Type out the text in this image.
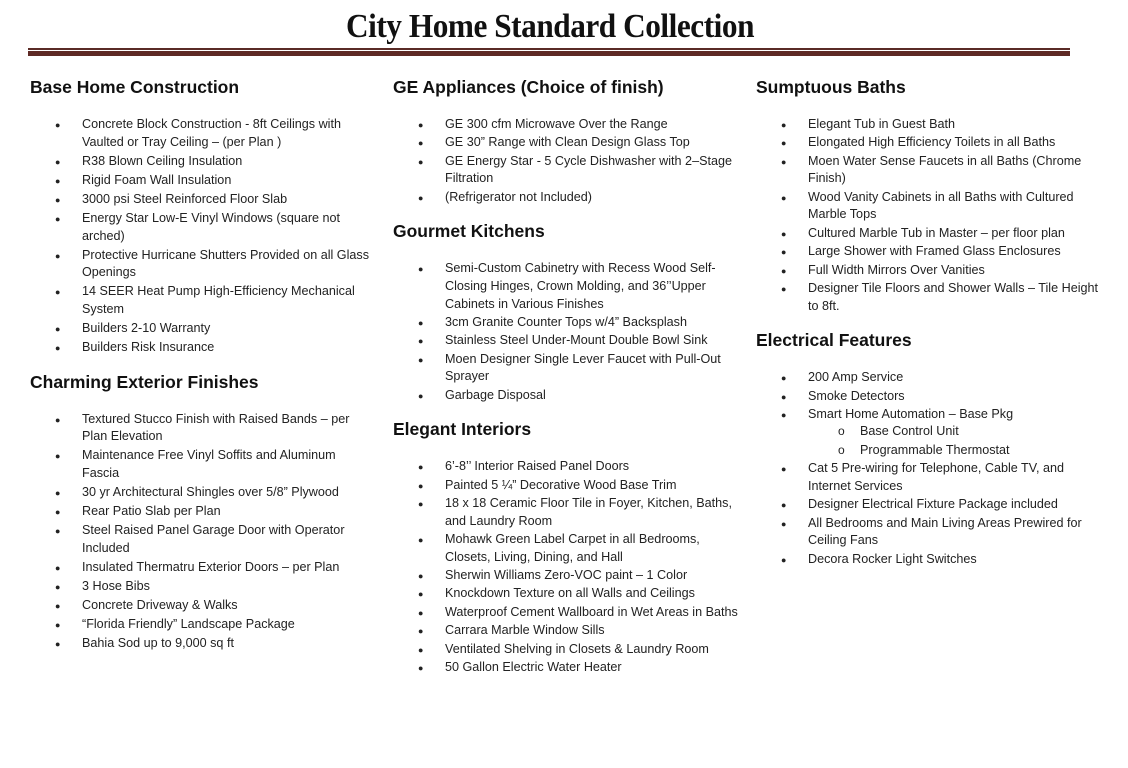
City Home Standard Collection
Base Home Construction
● Concrete Block Construction - 8ft Ceilings with Vaulted or Tray Ceiling – (per Plan )
● R38 Blown Ceiling Insulation
● Rigid Foam Wall Insulation
● 3000 psi Steel Reinforced Floor Slab
● Energy Star Low-E Vinyl Windows (square not arched)
● Protective Hurricane Shutters Provided on all Glass Openings
● 14 SEER Heat Pump High-Efficiency Mechanical System
● Builders 2-10 Warranty
● Builders Risk Insurance
Charming Exterior Finishes
● Textured Stucco Finish with Raised Bands – per Plan Elevation
● Maintenance Free Vinyl Soffits and Aluminum Fascia
● 30 yr Architectural Shingles over 5/8” Plywood
● Rear Patio Slab per Plan
● Steel Raised Panel Garage Door with Operator Included
● Insulated Thermatru Exterior Doors – per Plan
● 3 Hose Bibs
● Concrete Driveway & Walks
● “Florida Friendly” Landscape Package
● Bahia Sod up to 9,000 sq ft
GE Appliances (Choice of finish)
● GE 300 cfm Microwave Over the Range
● GE 30” Range with Clean Design Glass Top
● GE Energy Star - 5 Cycle Dishwasher with 2–Stage Filtration
● (Refrigerator not Included)
Gourmet Kitchens
● Semi-Custom Cabinetry with Recess Wood Self-Closing Hinges, Crown Molding, and 36’’Upper Cabinets in Various Finishes
● 3cm Granite Counter Tops w/4” Backsplash
● Stainless Steel Under-Mount Double Bowl Sink
● Moen Designer Single Lever Faucet with Pull-Out Sprayer
● Garbage Disposal
Elegant Interiors
● 6’-8’’ Interior Raised Panel Doors
● Painted 5 ¼” Decorative Wood Base Trim
● 18 x 18 Ceramic Floor Tile in Foyer, Kitchen, Baths, and Laundry Room
● Mohawk Green Label Carpet in all Bedrooms, Closets, Living, Dining, and Hall
● Sherwin Williams Zero-VOC paint – 1 Color
● Knockdown Texture on all Walls and Ceilings
● Waterproof Cement Wallboard in Wet Areas in Baths
● Carrara Marble Window Sills
● Ventilated Shelving in Closets & Laundry Room
● 50 Gallon Electric Water Heater
Sumptuous Baths
● Elegant Tub in Guest Bath
● Elongated High Efficiency Toilets in all Baths
● Moen Water Sense Faucets in all Baths (Chrome Finish)
● Wood Vanity Cabinets in all Baths with Cultured Marble Tops
● Cultured Marble Tub in Master – per floor plan
● Large Shower with Framed Glass Enclosures
● Full Width Mirrors Over Vanities
● Designer Tile Floors and Shower Walls – Tile Height to 8ft.
Electrical Features
● 200 Amp Service
● Smoke Detectors
● Smart Home Automation – Base Pkg
o Base Control Unit
o Programmable Thermostat
● Cat 5 Pre-wiring for Telephone, Cable TV, and Internet Services
● Designer Electrical Fixture Package included
● All Bedrooms and Main Living Areas Prewired for Ceiling Fans
● Decora Rocker Light Switches
